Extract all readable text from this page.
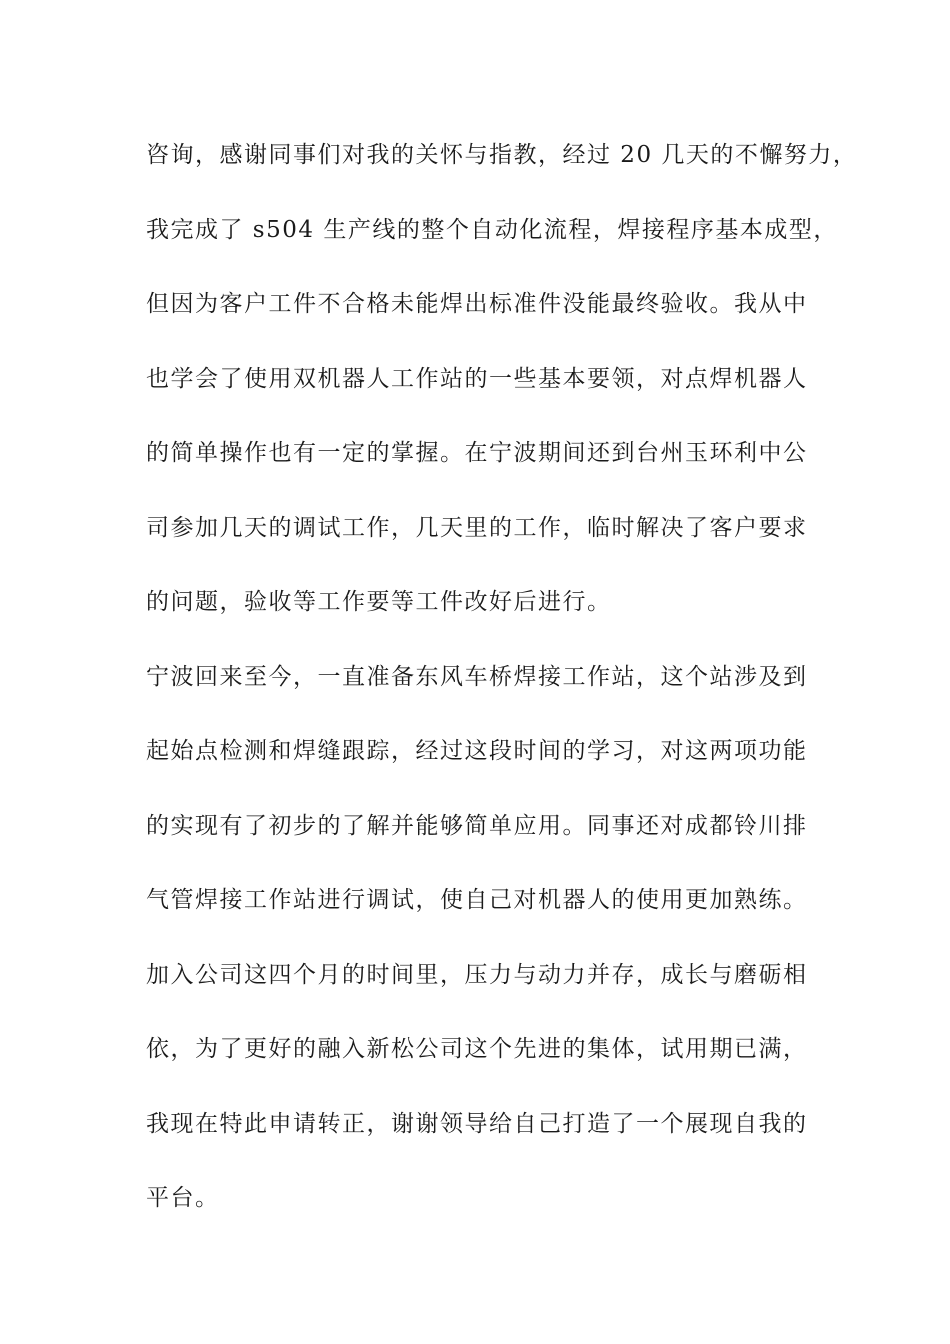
咨询，感谢同事们对我的关怀与指教，经过 20 几天的不懈努力，
我完成了 s504 生产线的整个自动化流程，焊接程序基本成型，
但因为客户工件不合格未能焊出标准件没能最终验收。我从中
也学会了使用双机器人工作站的一些基本要领，对点焊机器人
的简单操作也有一定的掌握。在宁波期间还到台州玉环利中公
司参加几天的调试工作，几天里的工作，临时解决了客户要求
的问题，验收等工作要等工件改好后进行。
宁波回来至今，一直准备东风车桥焊接工作站，这个站涉及到
起始点检测和焊缝跟踪，经过这段时间的学习，对这两项功能
的实现有了初步的了解并能够简单应用。同事还对成都铃川排
气管焊接工作站进行调试，使自己对机器人的使用更加熟练。
加入公司这四个月的时间里，压力与动力并存，成长与磨砺相
依，为了更好的融入新松公司这个先进的集体，试用期已满，
我现在特此申请转正，谢谢领导给自己打造了一个展现自我的
平台。
